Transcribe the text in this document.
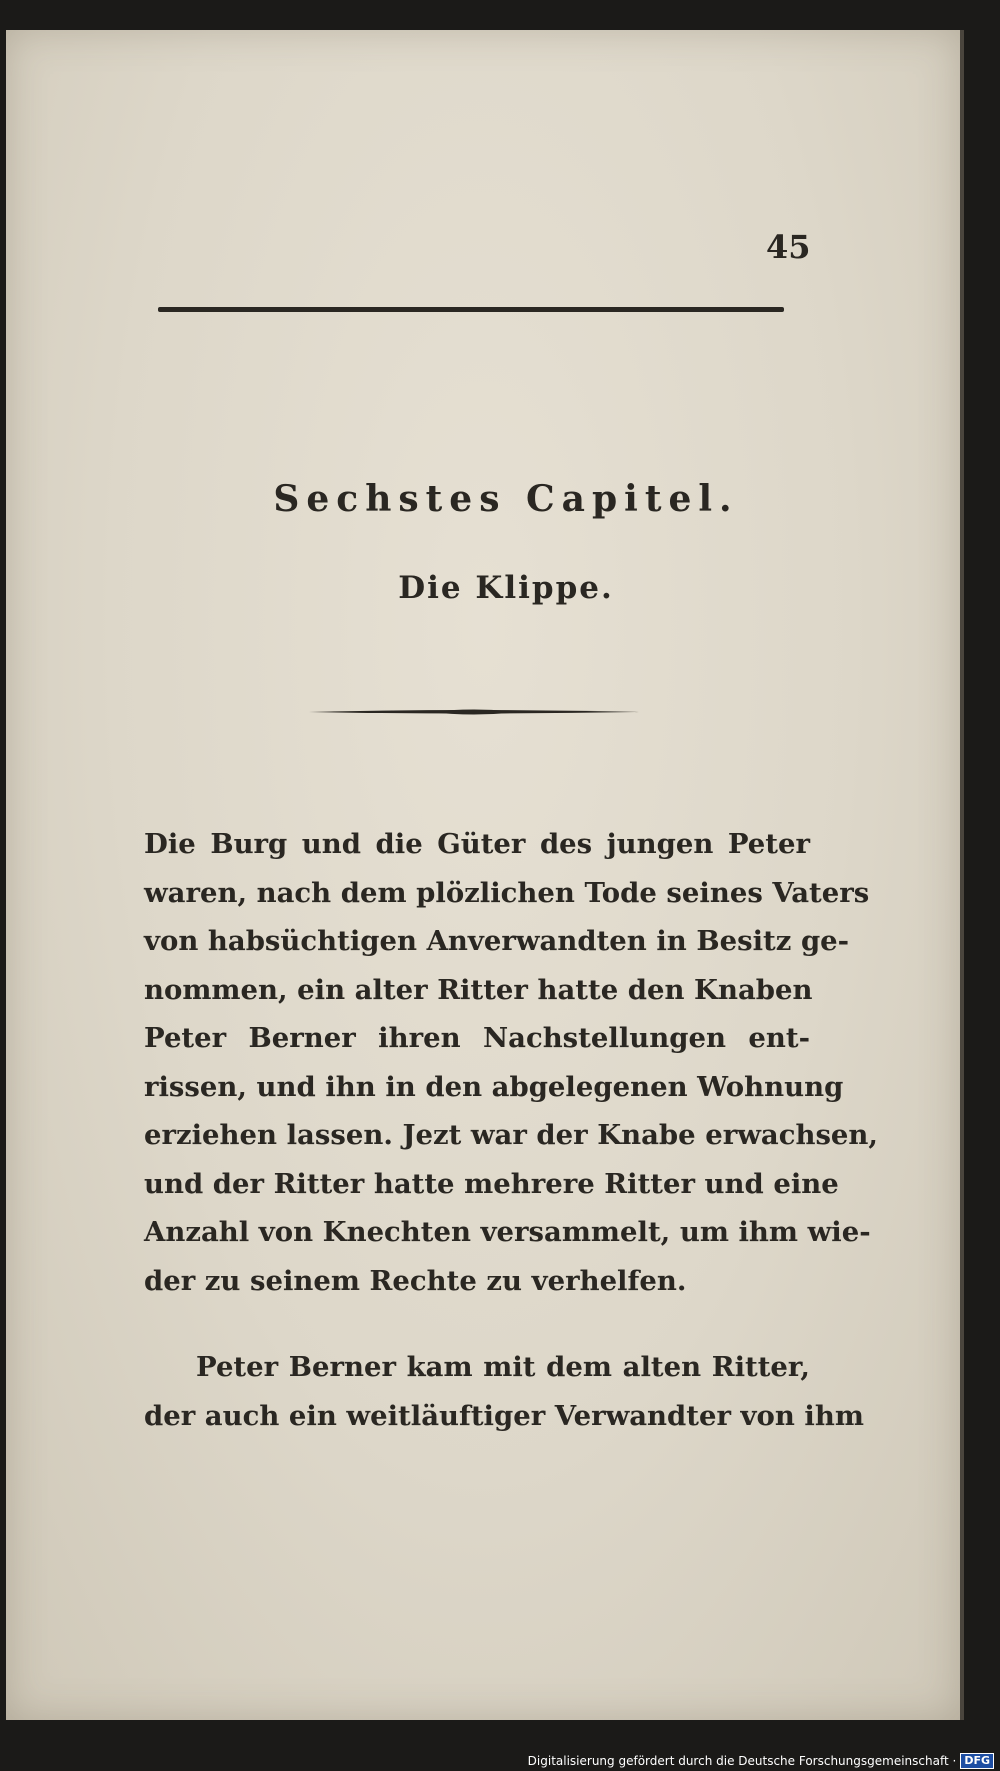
45
Sechstes Capitel.
Die Klippe.
Die Burg und die Güter des jungen Peter
waren, nach dem plözlichen Tode seines Vaters
von habsüchtigen Anverwandten in Besitz ge-
nommen, ein alter Ritter hatte den Knaben
Peter Berner ihren Nachstellungen ent-
rissen, und ihn in den abgelegenen Wohnung
erziehen lassen. Jezt war der Knabe erwachsen,
und der Ritter hatte mehrere Ritter und eine
Anzahl von Knechten versammelt, um ihm wie-
der zu seinem Rechte zu verhelfen.
Peter Berner kam mit dem alten Ritter,
der auch ein weitläuftiger Verwandter von ihm
Digitalisierung gefördert durch die Deutsche Forschungsgemeinschaft · DFG
